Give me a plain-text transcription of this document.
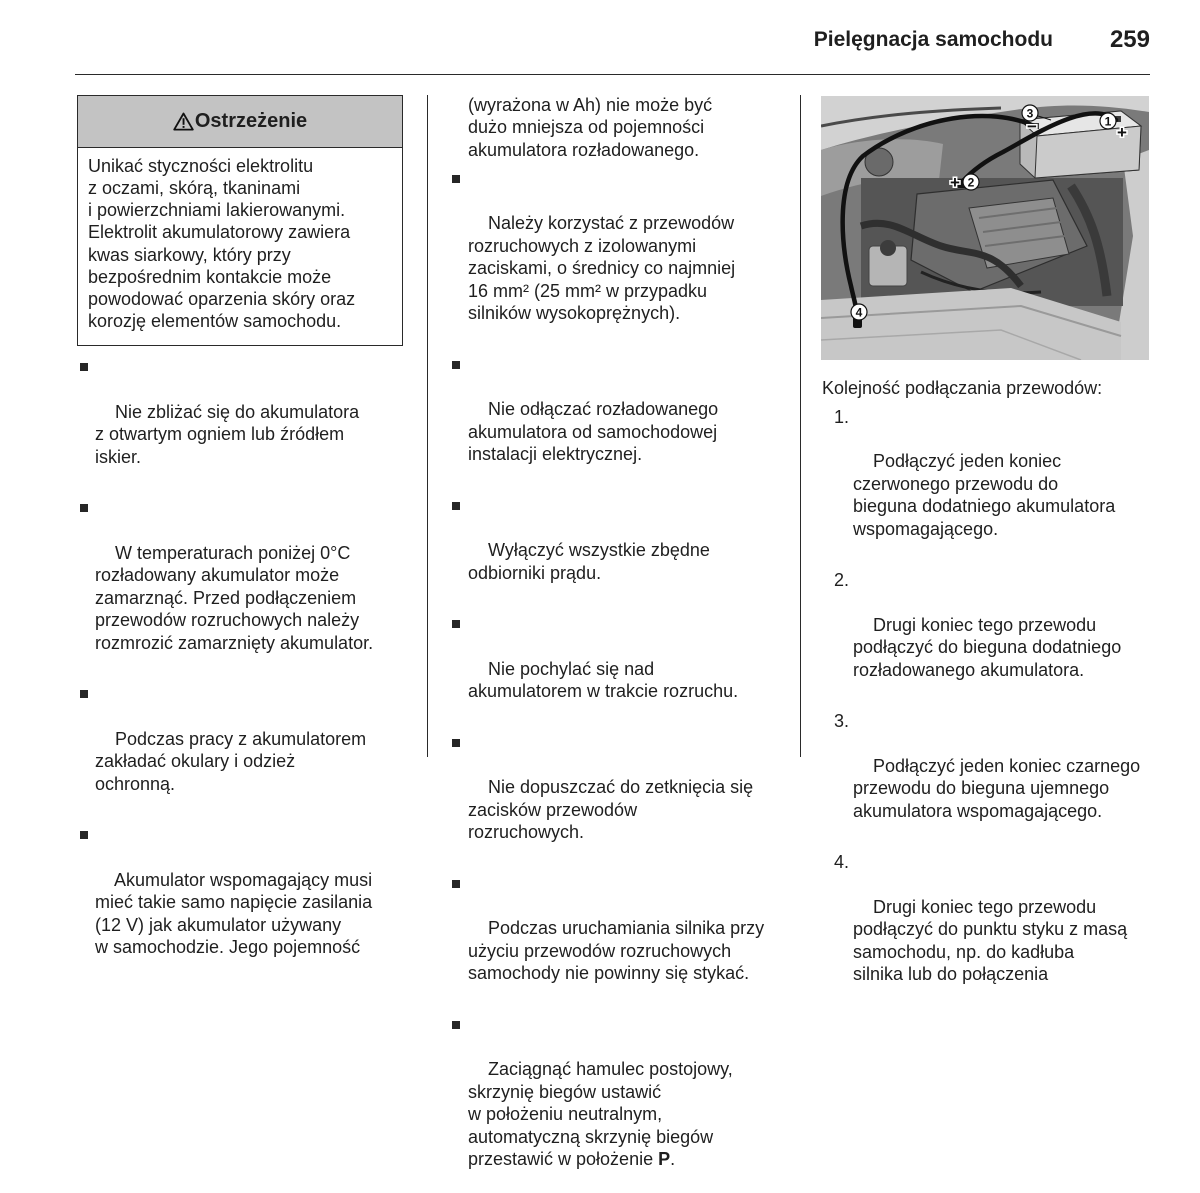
Pielęgnacja samochodu 259
Ostrzeżenie
Unikać styczności elektrolitu
z oczami, skórą, tkaninami
i powierzchniami lakierowanymi.
Elektrolit akumulatorowy zawiera
kwas siarkowy, który przy
bezpośrednim kontakcie może
powodować oparzenia skóry oraz
korozję elementów samochodu.

Nie zbliżać się do akumulatora
z otwartym ogniem lub źródłem
iskier.

W temperaturach poniżej 0°C
rozładowany akumulator może
zamarznąć. Przed podłączeniem
przewodów rozruchowych należy
rozmrozić zamarznięty akumulator.

Podczas pracy z akumulatorem
zakładać okulary i odzież
ochronną.

Akumulator wspomagający musi
mieć takie samo napięcie zasilania
(12 V) jak akumulator używany
w samochodzie. Jego pojemność

(wyrażona w Ah) nie może być
dużo mniejsza od pojemności
akumulatora rozładowanego.

Należy korzystać z przewodów
rozruchowych z izolowanymi
zaciskami, o średnicy co najmniej
16 mm² (25 mm² w przypadku
silników wysokoprężnych).

Nie odłączać rozładowanego
akumulatora od samochodowej
instalacji elektrycznej.

Wyłączyć wszystkie zbędne
odbiorniki prądu.

Nie pochylać się nad
akumulatorem w trakcie rozruchu.

Nie dopuszczać do zetknięcia się
zacisków przewodów
rozruchowych.

Podczas uruchamiania silnika przy
użyciu przewodów rozruchowych
samochody nie powinny się stykać.

Zaciągnąć hamulec postojowy,
skrzynię biegów ustawić
w położeniu neutralnym,
automatyczną skrzynię biegów
przestawić w położenie P.

1
+
2
+
3
−
4
Kolejność podłączania przewodów:

1.

Podłączyć jeden koniec
czerwonego przewodu do
bieguna dodatniego akumulatora
wspomagającego.

2.

Drugi koniec tego przewodu
podłączyć do bieguna dodatniego
rozładowanego akumulatora.

3.

Podłączyć jeden koniec czarnego
przewodu do bieguna ujemnego
akumulatora wspomagającego.

4.

Drugi koniec tego przewodu
podłączyć do punktu styku z masą
samochodu, np. do kadłuba
silnika lub do połączenia
